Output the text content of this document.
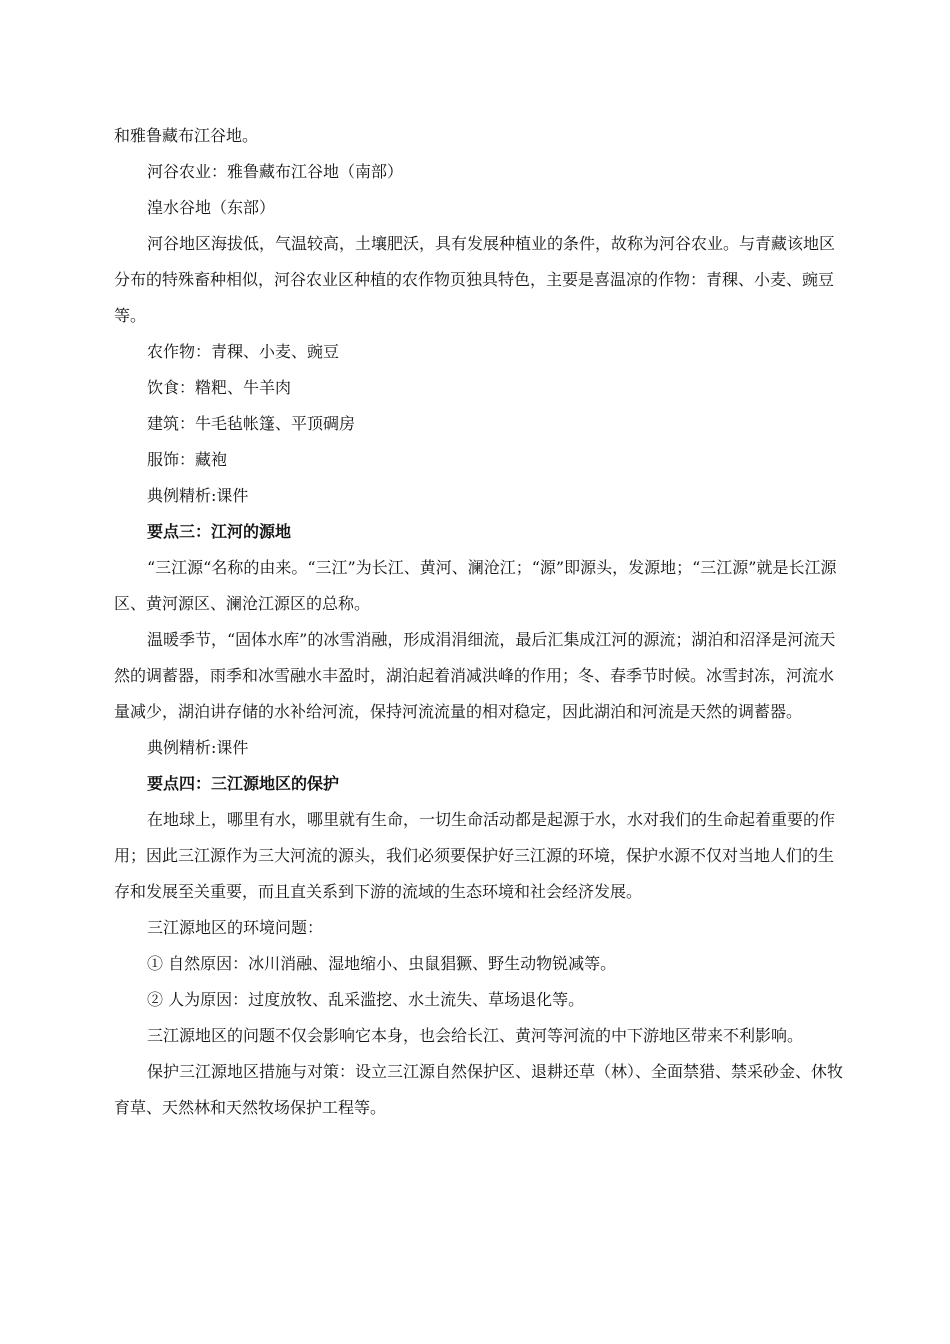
和雅鲁藏布江谷地。

河谷农业：雅鲁藏布江谷地（南部）

湟水谷地（东部）

河谷地区海拔低，气温较高，土壤肥沃，具有发展种植业的条件，故称为河谷农业。与青藏该地区分布的特殊畜种相似，河谷农业区种植的农作物页独具特色，主要是喜温凉的作物：青稞、小麦、豌豆等。

农作物：青稞、小麦、豌豆

饮食：糌粑、牛羊肉

建筑：牛毛毡帐篷、平顶碉房

服饰：藏袍

典例精析:课件

要点三：江河的源地

“三江源“名称的由来。“三江”为长江、黄河、澜沧江；“源”即源头，发源地；“三江源”就是长江源区、黄河源区、澜沧江源区的总称。

温暖季节，“固体水库”的冰雪消融，形成涓涓细流，最后汇集成江河的源流；湖泊和沼泽是河流天然的调蓄器，雨季和冰雪融水丰盈时，湖泊起着消减洪峰的作用；冬、春季节时候。冰雪封冻，河流水量减少，湖泊讲存储的水补给河流，保持河流流量的相对稳定，因此湖泊和河流是天然的调蓄器。

典例精析:课件

要点四：三江源地区的保护

在地球上，哪里有水，哪里就有生命，一切生命活动都是起源于水，水对我们的生命起着重要的作用；因此三江源作为三大河流的源头，我们必须要保护好三江源的环境，保护水源不仅对当地人们的生存和发展至关重要，而且直关系到下游的流域的生态环境和社会经济发展。

三江源地区的环境问题：

① 自然原因：冰川消融、湿地缩小、虫鼠猖獗、野生动物锐减等。

② 人为原因：过度放牧、乱采滥挖、水土流失、草场退化等。

三江源地区的问题不仅会影响它本身，也会给长江、黄河等河流的中下游地区带来不利影响。

保护三江源地区措施与对策：设立三江源自然保护区、退耕还草（林）、全面禁猎、禁采砂金、休牧育草、天然林和天然牧场保护工程等。
